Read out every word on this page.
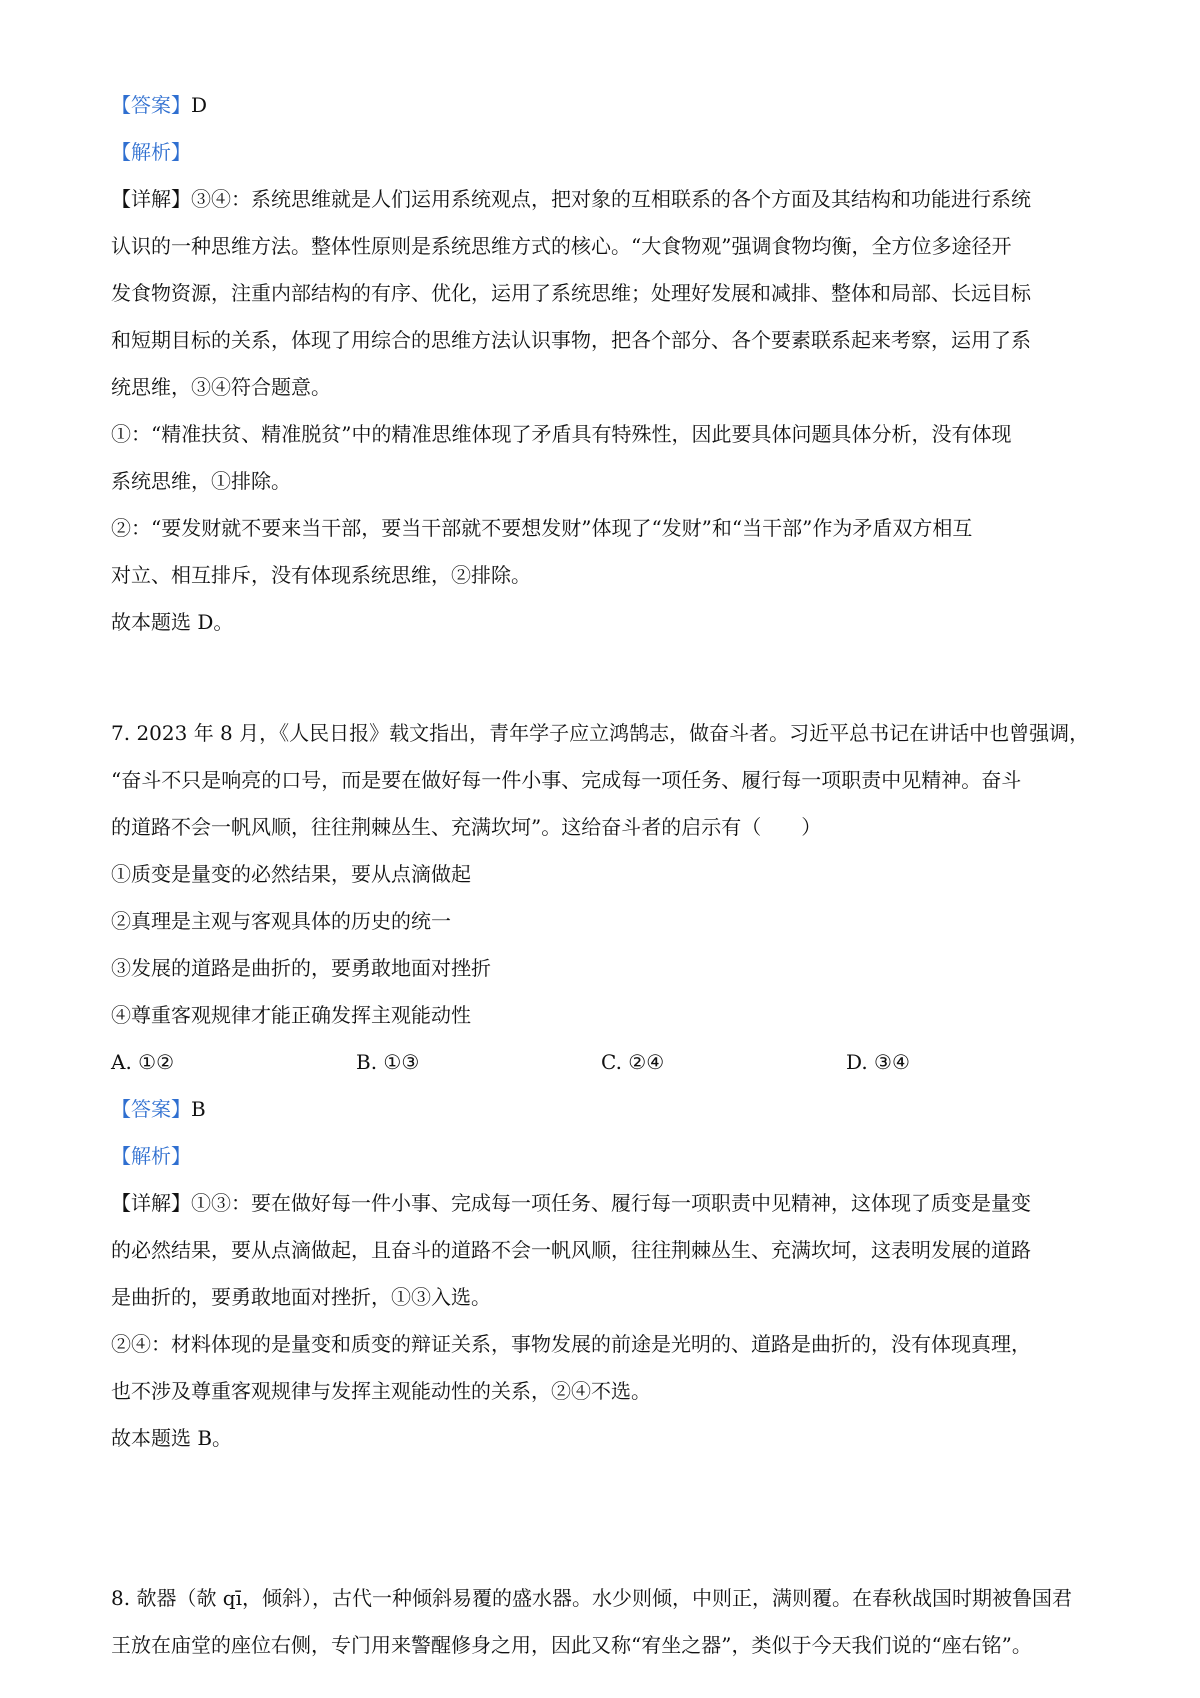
【答案】D
【解析】
【详解】③④：系统思维就是人们运用系统观点，把对象的互相联系的各个方面及其结构和功能进行系统
认识的一种思维方法。整体性原则是系统思维方式的核心。“大食物观”强调食物均衡，全方位多途径开
发食物资源，注重内部结构的有序、优化，运用了系统思维；处理好发展和减排、整体和局部、长远目标
和短期目标的关系，体现了用综合的思维方法认识事物，把各个部分、各个要素联系起来考察，运用了系
统思维，③④符合题意。
①：“精准扶贫、精准脱贫”中的精准思维体现了矛盾具有特殊性，因此要具体问题具体分析，没有体现
系统思维，①排除。
②：“要发财就不要来当干部，要当干部就不要想发财”体现了“发财”和“当干部”作为矛盾双方相互
对立、相互排斥，没有体现系统思维，②排除。
故本题选 D。
7. 2023 年 8 月，《人民日报》载文指出，青年学子应立鸿鹄志，做奋斗者。习近平总书记在讲话中也曾强调，
“奋斗不只是响亮的口号，而是要在做好每一件小事、完成每一项任务、履行每一项职责中见精神。奋斗
的道路不会一帆风顺，往往荆棘丛生、充满坎坷”。这给奋斗者的启示有（　　）
①质变是量变的必然结果，要从点滴做起
②真理是主观与客观具体的历史的统一
③发展的道路是曲折的，要勇敢地面对挫折
④尊重客观规律才能正确发挥主观能动性
A. ①②	B. ①③	C. ②④	D. ③④
【答案】B
【解析】
【详解】①③：要在做好每一件小事、完成每一项任务、履行每一项职责中见精神，这体现了质变是量变
的必然结果，要从点滴做起，且奋斗的道路不会一帆风顺，往往荆棘丛生、充满坎坷，这表明发展的道路
是曲折的，要勇敢地面对挫折，①③入选。
②④：材料体现的是量变和质变的辩证关系，事物发展的前途是光明的、道路是曲折的，没有体现真理，
也不涉及尊重客观规律与发挥主观能动性的关系，②④不选。
故本题选 B。
8. 欹器（欹 qī，倾斜），古代一种倾斜易覆的盛水器。水少则倾，中则正，满则覆。在春秋战国时期被鲁国君
王放在庙堂的座位右侧，专门用来警醒修身之用，因此又称“宥坐之器”，类似于今天我们说的“座右铭”。
